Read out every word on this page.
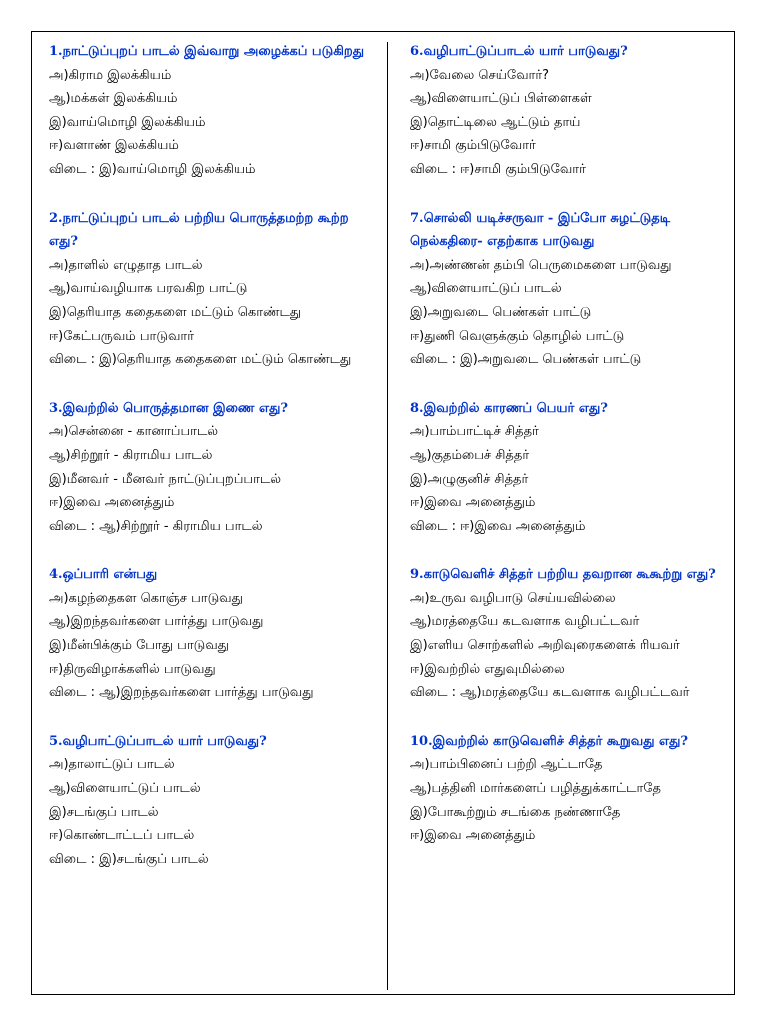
1.நாட்டுப்புறப் பாடல் இவ்வாறு அழைக்கப் படுகிறது
அ)கிராம இலக்கியம்
ஆ)மக்கள் இலக்கியம்
இ)வாய்மொழி இலக்கியம்
ஈ)வளாண் இலக்கியம்
விடை : இ)வாய்மொழி இலக்கியம்
2.நாட்டுப்புறப் பாடல் பற்றிய பொருத்தமற்ற கூற்ற எது?
அ)தாளில் எழுதாத பாடல்
ஆ)வாய்வழியாக பரவகிற பாட்டு
இ)தெரியாத கதைகளை மட்டும் கொண்டது
ஈ)கேட்பருவம் பாடுவார்
விடை : இ)தெரியாத கதைகளை மட்டும் கொண்டது
3.இவற்றில் பொருத்தமான இணை எது?
அ)சென்னை - கானாப்பாடல்
ஆ)சிற்றூர் - கிராமிய பாடல்
இ)மீனவர் - மீனவர் நாட்டுப்புறப்பாடல்
ஈ)இவை அனைத்தும்
விடை : ஆ)சிற்றூர் - கிராமிய பாடல்
4.ஒப்பாரி என்பது
அ)கழந்தைகள கொஞ்ச பாடுவது
ஆ)இறந்தவர்களை பார்த்து பாடுவது
இ)மீன்பிக்கும் போது பாடுவது
ஈ)திருவிழாக்களில் பாடுவது
விடை : ஆ)இறந்தவர்களை பார்த்து பாடுவது
5.வழிபாட்டுப்பாடல் யார் பாடுவது?
அ)தாலாட்டுப் பாடல்
ஆ)விளையாட்டுப் பாடல்
இ)சடங்குப் பாடல்
ஈ)கொண்டாட்டப் பாடல்
விடை : இ)சடங்குப் பாடல்
6.வழிபாட்டுப்பாடல் யார் பாடுவது?
அ)வேலை செய்வோர்?
ஆ)விளையாட்டுப் பிள்ளைகள்
இ)தொட்டிலை ஆட்டும் தாய்
ஈ)சாமி கும்பிடுவோர்
விடை : ஈ)சாமி கும்பிடுவோர்
7.சொல்லி யடிச்சருவா - இப்போ சுழட்டுதடி நெல்கதிரை- எதற்காக பாடுவது
அ)அண்ணன் தம்பி பெருமைகளை பாடுவது
ஆ)விளையாட்டுப் பாடல்
இ)அறுவடை பெண்கள் பாட்டு
ஈ)துணி வெளுக்கும் தொழில் பாட்டு
விடை : இ)அறுவடை பெண்கள் பாட்டு
8.இவற்றில் காரணப் பெயர் எது?
அ)பாம்பாட்டிச் சித்தர்
ஆ)குதம்பைச் சித்தர்
இ)அழுகுனிச் சித்தர்
ஈ)இவை அனைத்தும்
விடை : ஈ)இவை அனைத்தும்
9.காடுவெளிச் சித்தர் பற்றிய தவறான கூகூற்று எது?
அ)உருவ வழிபாடு செய்யவில்லை
ஆ)மரத்தையே கடவளாக வழிபட்டவர்
இ)எளிய சொற்களில் அறிவுரைகளைக் ரியவர்
ஈ)இவற்றில் எதுவுமில்லை
விடை : ஆ)மரத்தையே கடவளாக வழிபட்டவர்
10.இவற்றில் காடுவெளிச் சித்தர் கூறுவது எது?
அ)பாம்பினைப் பற்றி ஆட்டாதே
ஆ)பத்தினி மார்களைப் பழித்துக்காட்டாதே
இ)போகூற்றும் சடங்கை நண்ணாதே
ஈ)இவை அனைத்தும்
